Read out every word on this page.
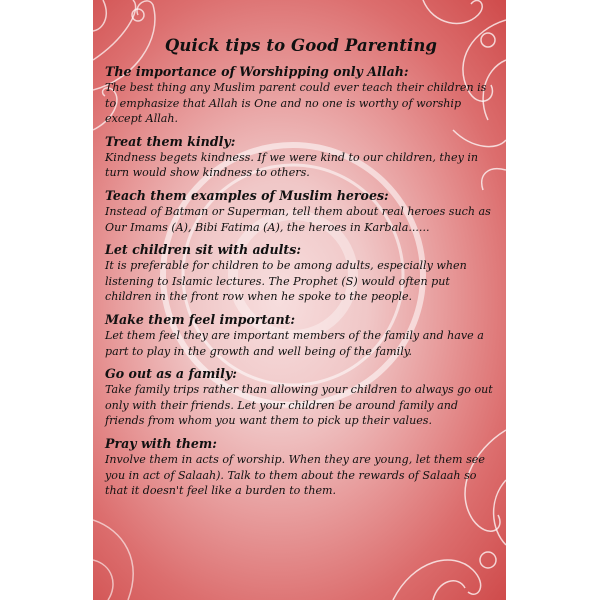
Quick tips to Good Parenting

The importance of Worshipping only Allah:

The best thing any Muslim parent could ever teach their children is to emphasize that Allah is One and no one is worthy of worship except Allah.

Treat them kindly:

Kindness begets kindness. If we were kind to our children, they in turn would show kindness to others.

Teach them examples of Muslim heroes:

Instead of Batman or Superman, tell them about real heroes such as Our Imams (A), Bibi Fatima (A), the heroes in Karbala......

Let children sit with adults:

It is preferable for children to be among adults, especially when listening to Islamic lectures. The Prophet (S) would often put children in the front row when he spoke to the people.

Make them feel important:

Let them feel they are important members of the family and have a part to play in the growth and well being of the family.

Go out as a family:

Take family trips rather than allowing your children to always go out only with their friends. Let your children be around family and friends from whom you want them to pick up their values.

Pray with them:

Involve them in acts of worship. When they are young, let them see you in act of Salaah). Talk to them about the rewards of Salaah so that it doesn't feel like a burden to them.
